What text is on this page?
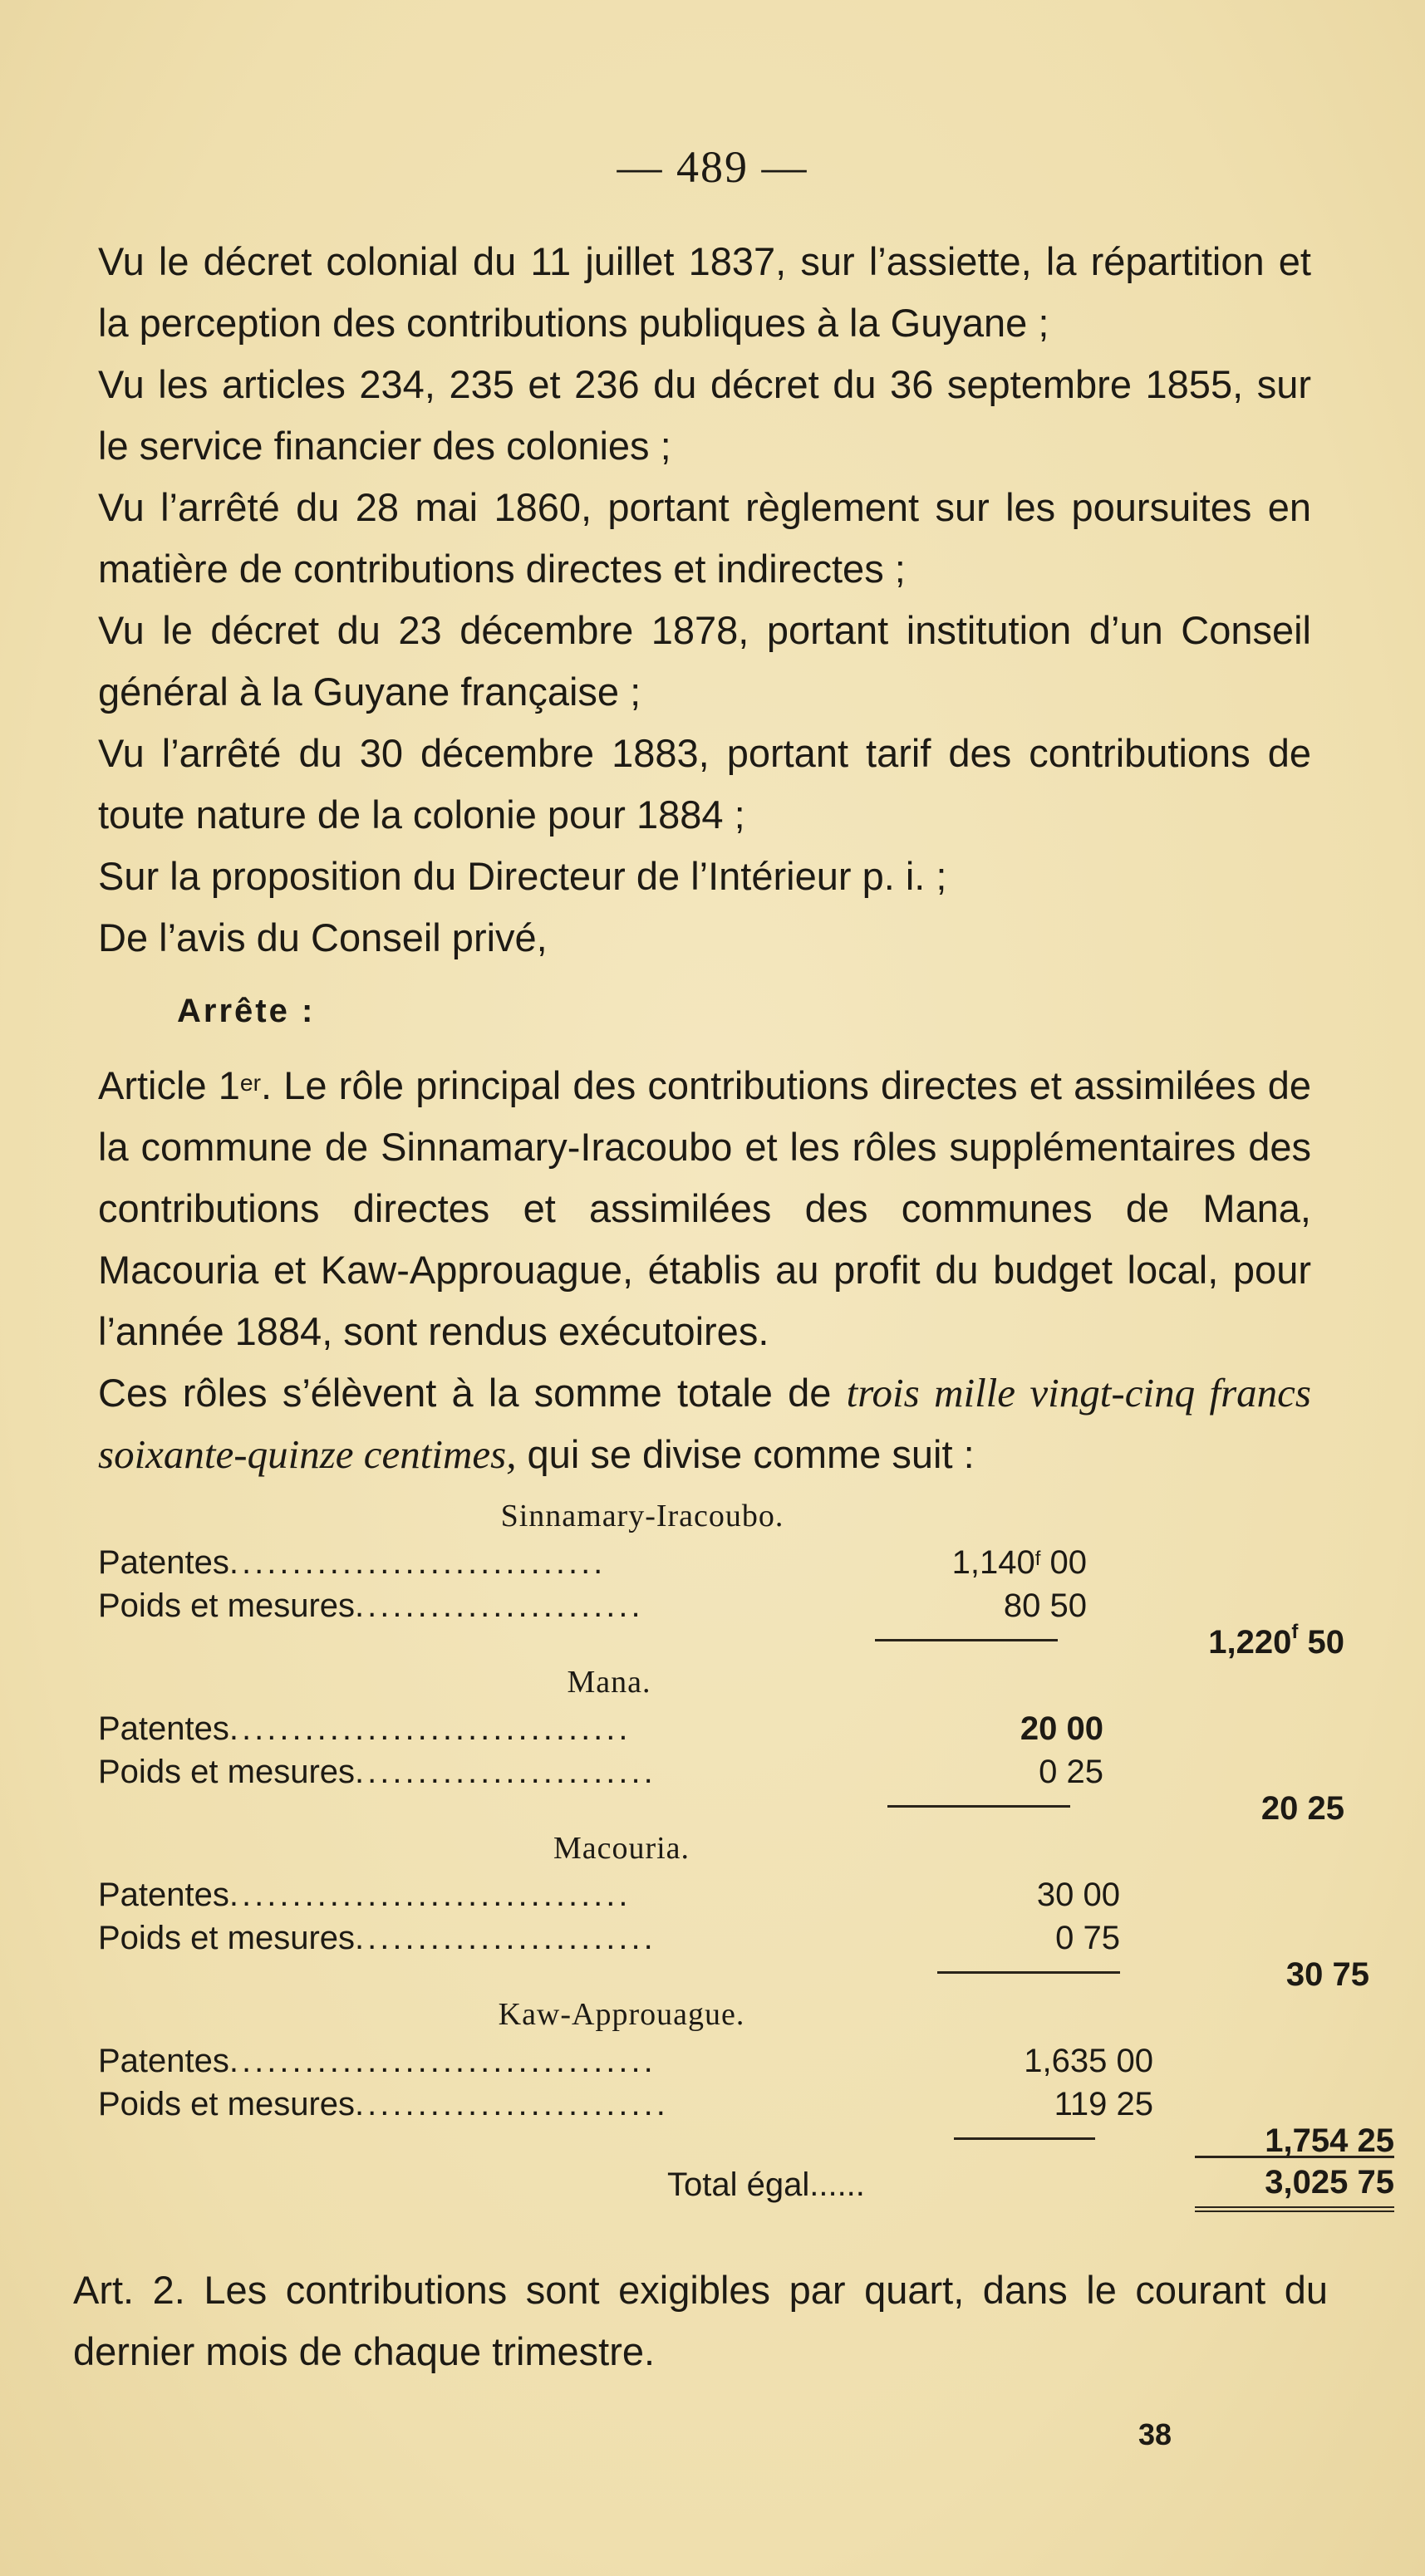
— 489 —

Vu le décret colonial du 11 juillet 1837, sur l’assiette, la répartition et la perception des contributions publiques à la Guyane ;

Vu les articles 234, 235 et 236 du décret du 36 septembre 1855, sur le service financier des colonies ;

Vu l’arrêté du 28 mai 1860, portant règlement sur les poursuites en matière de contributions directes et indirectes ;

Vu le décret du 23 décembre 1878, portant institution d’un Conseil général à la Guyane française ;

Vu l’arrêté du 30 décembre 1883, portant tarif des contributions de toute nature de la colonie pour 1884 ;

Sur la proposition du Directeur de l’Intérieur p. i. ;

De l’avis du Conseil privé,

Arrête :

Article 1er. Le rôle principal des contributions directes et assimilées de la commune de Sinnamary-Iracoubo et les rôles supplémentaires des contributions directes et assimilées des communes de Mana, Macouria et Kaw-Approuague, établis au profit du budget local, pour l’année 1884, sont rendus exécutoires.

Ces rôles s’élèvent à la somme totale de trois mille vingt-cinq francs soixante-quinze centimes, qui se divise comme suit :

Sinnamary-Iracoubo.
Patentes..............................	1,140$^f$ 00
Poids et mesures.......................	80 50
1,220$^f$ 50
Mana.
Patentes................................	20 00
Poids et mesures........................	0 25
20 25
Macouria.
Patentes................................	30 00
Poids et mesures........................	0 75
30 75
Kaw-Approuague.
Patentes..................................	1,635 00
Poids et mesures.........................	119 25
1,754 25
Total égal......	3,025 75

Art. 2. Les contributions sont exigibles par quart, dans le courant du dernier mois de chaque trimestre.

38
